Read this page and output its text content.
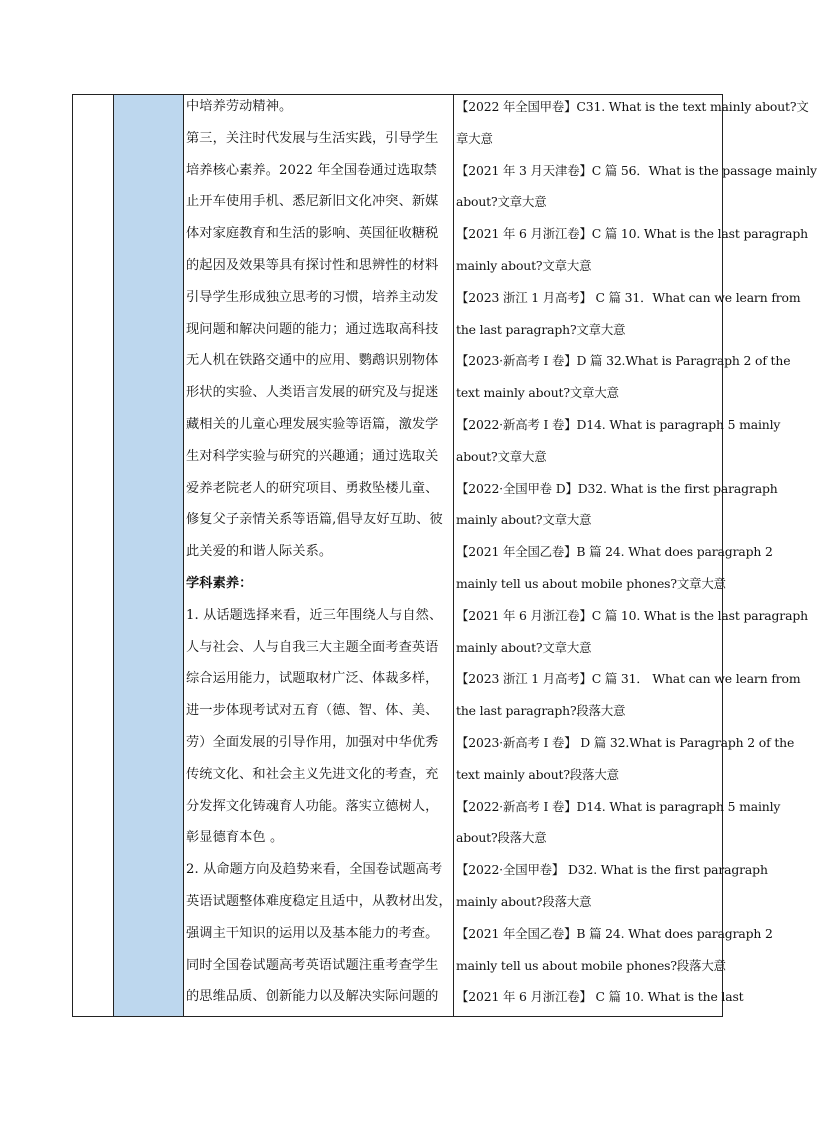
中培养劳动精神。
第三，关注时代发展与生活实践，引导学生
培养核心素养。2022 年全国卷通过选取禁
止开车使用手机、悉尼新旧文化冲突、新媒
体对家庭教育和生活的影响、英国征收糖税
的起因及效果等具有探讨性和思辨性的材料
引导学生形成独立思考的习惯，培养主动发
现问题和解决问题的能力；通过选取高科技
无人机在铁路交通中的应用、鹦鹉识别物体
形状的实验、人类语言发展的研究及与捉迷
藏相关的儿童心理发展实验等语篇，激发学
生对科学实验与研究的兴趣通；通过选取关
爱养老院老人的研究项目、勇救坠楼儿童、
修复父子亲情关系等语篇,倡导友好互助、彼
此关爱的和谐人际关系。
学科素养：
1. 从话题选择来看，近三年围绕人与自然、
人与社会、人与自我三大主题全面考查英语
综合运用能力，试题取材广泛、体裁多样，
进一步体现考试对五育（德、智、体、美、
劳）全面发展的引导作用，加强对中华优秀
传统文化、和社会主义先进文化的考查，充
分发挥文化铸魂育人功能。落实立德树人，
彰显德育本色 。
2. 从命题方向及趋势来看，全国卷试题高考
英语试题整体难度稳定且适中，从教材出发，
强调主干知识的运用以及基本能力的考查。
同时全国卷试题高考英语试题注重考查学生
的思维品质、创新能力以及解决实际问题的
【2022 年全国甲卷】C31. What is the text mainly about?文
章大意
【2021 年 3 月天津卷】C 篇 56．What is the passage mainly
about?文章大意
【2021 年 6 月浙江卷】C 篇 10. What is the last paragraph
mainly about?文章大意
【2023 浙江 1 月高考】 C 篇 31．What can we learn from
the last paragraph?文章大意
【2023·新高考 I 卷】D 篇 32.What is Paragraph 2 of the
text mainly about?文章大意
【2022·新高考 I 卷】D14. What is paragraph 5 mainly
about?文章大意
【2022·全国甲卷 D】D32. What is the first paragraph
mainly about?文章大意
【2021 年全国乙卷】B 篇 24. What does paragraph 2
mainly tell us about mobile phones?文章大意
【2021 年 6 月浙江卷】C 篇 10. What is the last paragraph
mainly about?文章大意
【2023 浙江 1 月高考】C 篇 31． What can we learn from
the last paragraph?段落大意
【2023·新高考 I 卷】 D 篇 32.What is Paragraph 2 of the
text mainly about?段落大意
【2022·新高考 I 卷】D14. What is paragraph 5 mainly
about?段落大意
【2022·全国甲卷】 D32. What is the first paragraph
mainly about?段落大意
【2021 年全国乙卷】B 篇 24. What does paragraph 2
mainly tell us about mobile phones?段落大意
【2021 年 6 月浙江卷】 C 篇 10. What is the last
